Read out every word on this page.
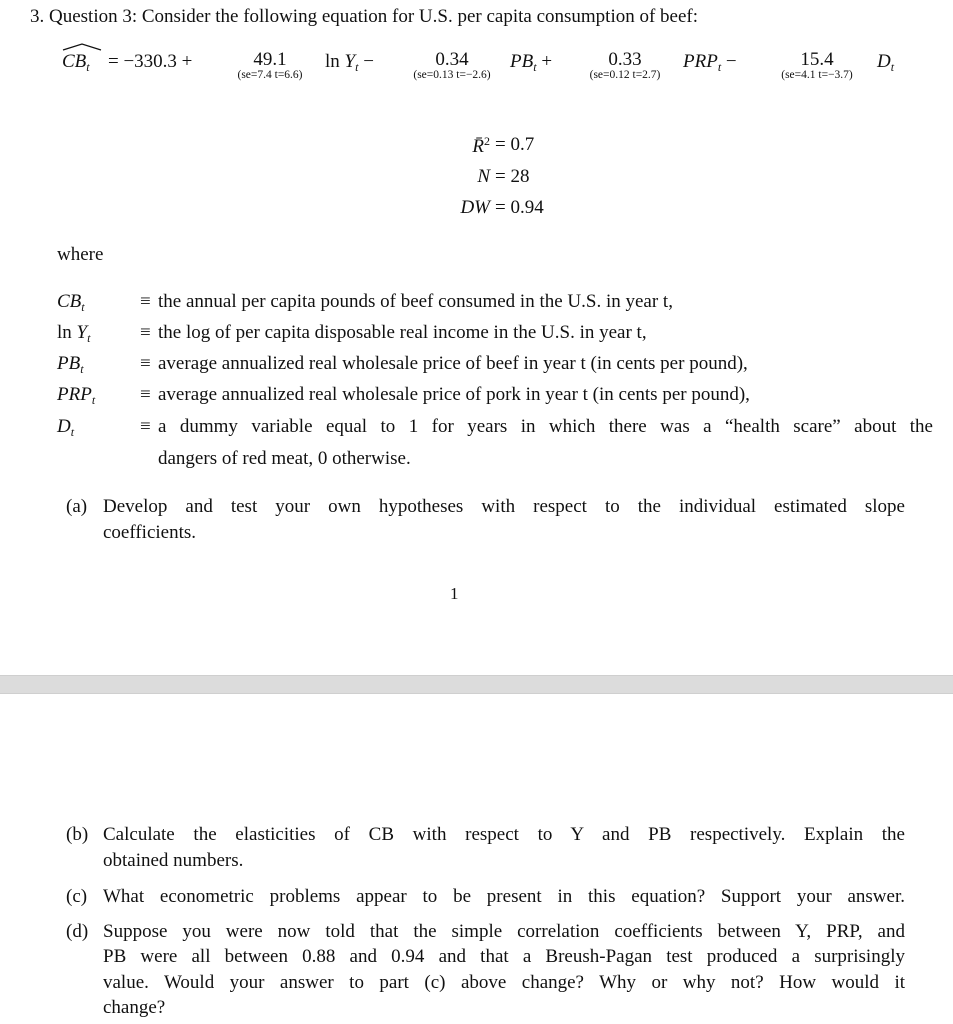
3. Question 3: Consider the following equation for U.S. per capita consumption of beef:
$CB_t = -330.3$ +	49.1
(se=7.4 t=6.6)
$\ln Y_t$ −	0.34
(se=0.13 t=−2.6)
$PB_t$ +	0.33
(se=0.12 t=2.7)
$PRP_t$ −	15.4
(se=4.1 t=−3.7)
$D_t$
R̄$^2$ = 0.7
N = 28
DW = 0.94
where
$CB_t$	≡ the annual per capita pounds of beef consumed in the U.S. in year t,
$\ln Y_t$	≡ the log of per capita disposable real income in the U.S. in year t,
$PB_t$	≡ average annualized real wholesale price of beef in year t (in cents per pound),
$PRP_t$ ≡ average annualized real wholesale price of pork in year t (in cents per pound),
$D_t$	≡ a dummy variable equal to 1 for years in which there was a “health scare” about the
dangers of red meat, 0 otherwise.
(a) Develop and test your own hypotheses with respect to the individual estimated slope
coefficients.
1
(b) Calculate the elasticities of CB with respect to Y and PB respectively. Explain the
obtained numbers.
(c) What econometric problems appear to be present in this equation? Support your answer.
(d) Suppose you were now told that the simple correlation coefficients between Y, PRP, and
PB were all between 0.88 and 0.94 and that a Breush-Pagan test produced a surprisingly
value. Would your answer to part (c) above change? Why or why not? How would it
change?
